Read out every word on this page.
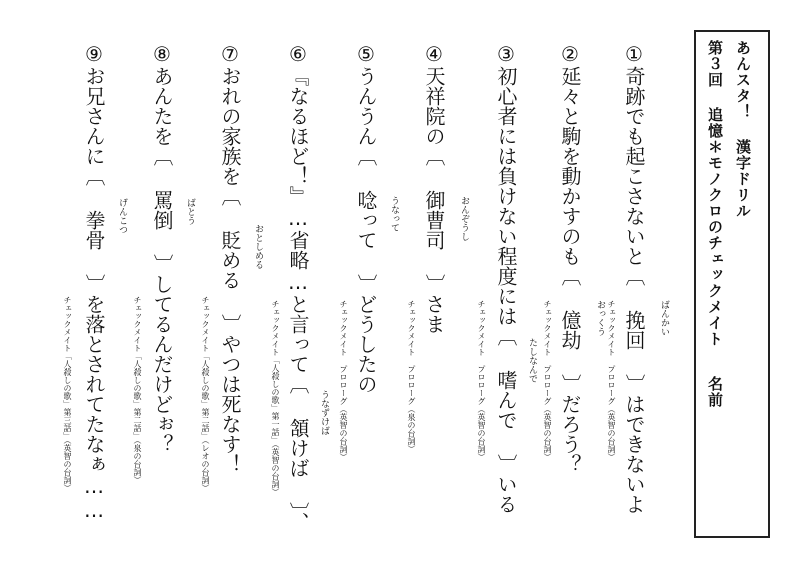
あんスタ！ 漢字ドリル
第３回 追憶＊モノクロのチェックメイト
名前
①奇跡でも起こさないと〔 挽回 〕はできないよ ばんかい
チェックメイト プロローグ（英智の台詞）
②延々と駒を動かすのも〔 億劫 〕だろう？ おっくう
チェックメイト プロローグ（英智の台詞）
③初心者には負けない程度には〔 嗜んで 〕いる たしなんで
チェックメイト プロローグ（英智の台詞）
④天祥院の〔 御曹司 〕さま おんぞうし
チェックメイト プロローグ（泉の台詞）
⑤うんうん〔 唸って 〕どうしたの うなって
チェックメイト プロローグ（英智の台詞）
⑥『なるほど！』…省略…と言って〔 頷けば 〕、 うなずけば
チェックメイト「人殺しの歌」第一話」（英智の台詞）
⑦おれの家族を〔 貶める 〕やつは死なす！ おとしめる
チェックメイト「人殺しの歌」第二話」（レオの台詞）
⑧あんたを〔 罵倒 〕してるんだけどぉ？ ばとう
チェックメイト「人殺しの歌」第二話」（泉の台詞）
⑨お兄さんに〔 拳骨 〕を落とされてたなぁ…… げんこつ
チェックメイト「人殺しの歌」第三話」（英智の台詞）
